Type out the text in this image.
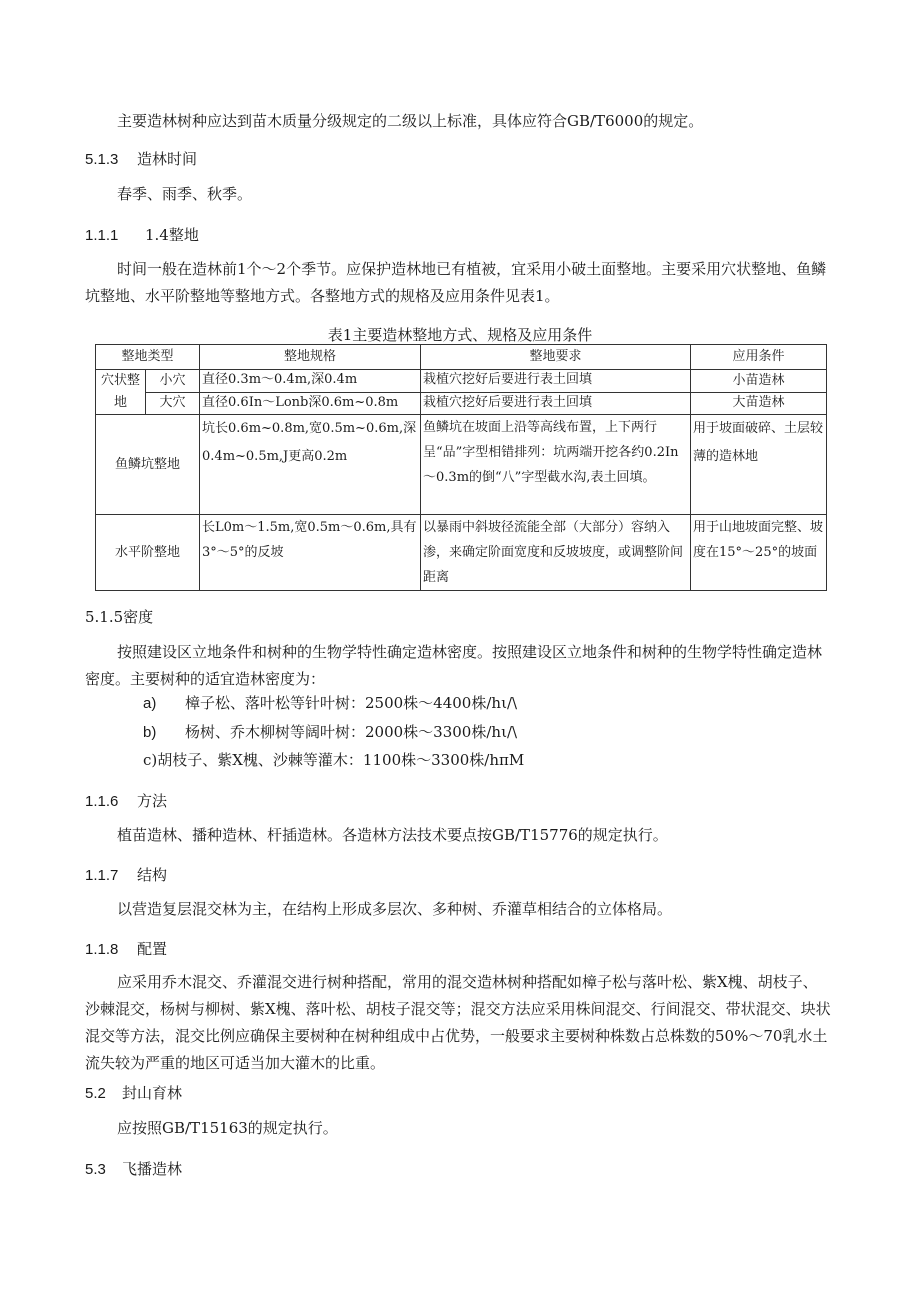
主要造林树种应达到苗木质量分级规定的二级以上标准，具体应符合GB/T6000的规定。

5.1.3 造林时间

春季、雨季、秋季。

1.1.1 1.4整地

时间一般在造林前1个～2个季节。应保护造林地已有植被，宜采用小破土面整地。主要采用穴状整地、鱼鳞坑整地、水平阶整地等整地方式。各整地方式的规格及应用条件见表1。

表1主要造林整地方式、规格及应用条件
整地类型		整地规格	整地要求	应用条件
穴状整地	小穴	直径0.3m～0.4m,深0.4m	栽植穴挖好后要进行表土回填	小苗造林
	大穴	直径0.6In～Lonb深0.6m~0.8m	栽植穴挖好后要进行表土回填	大苗造林
鱼鳞坑整地		坑长0.6m~0.8m,宽0.5m~0.6m,深0.4m~0.5m,J更高0.2m	鱼鳞坑在坡面上沿等高线布置，上下两行呈“品”字型相错排列：坑两端开挖各约0.2In～0.3m的倒“八”字型截水沟,表土回填。	用于坡面破碎、土层较薄的造林地
水平阶整地		长L0m～1.5m,宽0.5m～0.6m,具有3°～5°的反坡	以暴雨中斜坡径流能全部（大部分）容纳入渗，来确定阶面宽度和反坡坡度，或调整阶间距离	用于山地坡面完整、坡度在15°～25°的坡面
5.1.5密度

按照建设区立地条件和树种的生物学特性确定造林密度。按照建设区立地条件和树种的生物学特性确定造林密度。主要树种的适宜造林密度为：

a) 樟子松、落叶松等针叶树：2500株～4400株/hι/\
b) 杨树、乔木柳树等阔叶树：2000株～3300株/hι/\
c)胡枝子、紫X槐、沙棘等灌木：1100株～3300株/hπM
1.1.6 方法

植苗造林、播种造林、杆插造林。各造林方法技术要点按GB/T15776的规定执行。

1.1.7 结构

以营造复层混交林为主，在结构上形成多层次、多种树、乔灌草相结合的立体格局。

1.1.8 配置

应采用乔木混交、乔灌混交进行树种搭配，常用的混交造林树种搭配如樟子松与落叶松、紫X槐、胡枝子、沙棘混交，杨树与柳树、紫X槐、落叶松、胡枝子混交等；混交方法应采用株间混交、行间混交、带状混交、块状混交等方法，混交比例应确保主要树种在树种组成中占优势，一般要求主要树种株数占总株数的50%～70乳水土流失较为严重的地区可适当加大灌木的比重。

5.2 封山育林

应按照GB/T15163的规定执行。

5.3 飞播造林
